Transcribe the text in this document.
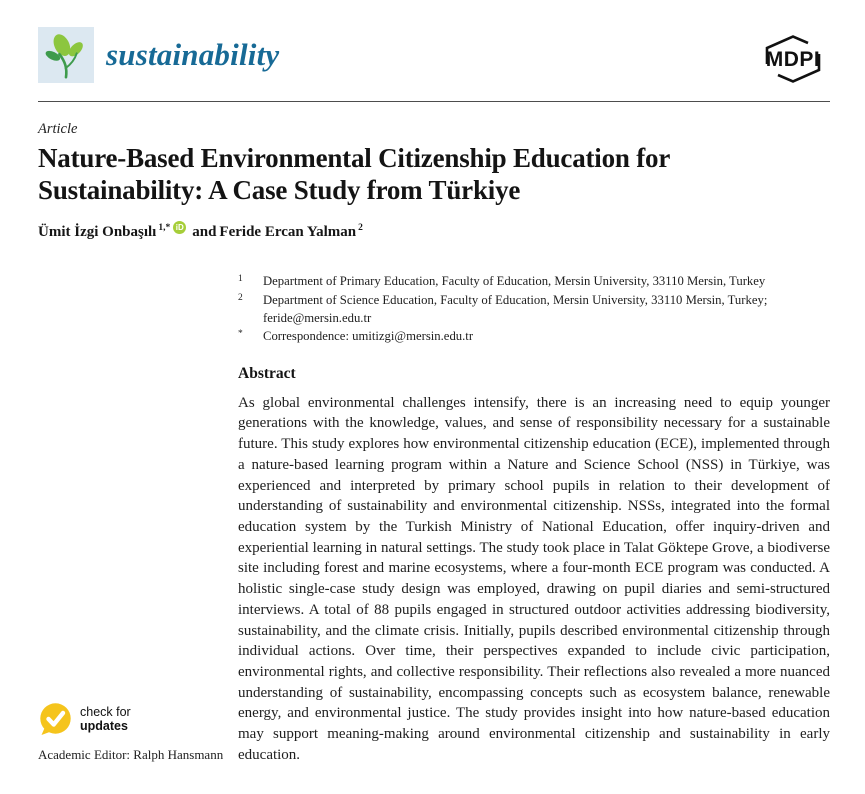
sustainability	MDPI
Article
Nature-Based Environmental Citizenship Education for
Sustainability: A Case Study from Türkiye
Ümit İzgi Onbaşılı $^{1,*}$ iD and Feride Ercan Yalman $^2$
check for
updates
Academic Editor: Ralph Hansmann
1	Department of Primary Education, Faculty of Education, Mersin University, 33110 Mersin, Turkey
2	Department of Science Education, Faculty of Education, Mersin University, 33110 Mersin, Turkey; feride@mersin.edu.tr
*	Correspondence: umitizgi@mersin.edu.tr
Abstract

As global environmental challenges intensify, there is an increasing need to equip younger generations with the knowledge, values, and sense of responsibility necessary for a sustainable future. This study explores how environmental citizenship education (ECE), implemented through a nature-based learning program within a Nature and Science School (NSS) in Türkiye, was experienced and interpreted by primary school pupils in relation to their development of understanding of sustainability and environmental citizenship. NSSs, integrated into the formal education system by the Turkish Ministry of National Education, offer inquiry-driven and experiential learning in natural settings. The study took place in Talat Göktepe Grove, a biodiverse site including forest and marine ecosystems, where a four-month ECE program was conducted. A holistic single-case study design was employed, drawing on pupil diaries and semi-structured interviews. A total of 88 pupils engaged in structured outdoor activities addressing biodiversity, sustainability, and the climate crisis. Initially, pupils described environmental citizenship through individual actions. Over time, their perspectives expanded to include civic participation, environmental rights, and collective responsibility. Their reflections also revealed a more nuanced understanding of sustainability, encompassing concepts such as ecosystem balance, renewable energy, and environmental justice. The study provides insight into how nature-based education may support meaning-making around environmental citizenship and sustainability in early education.
